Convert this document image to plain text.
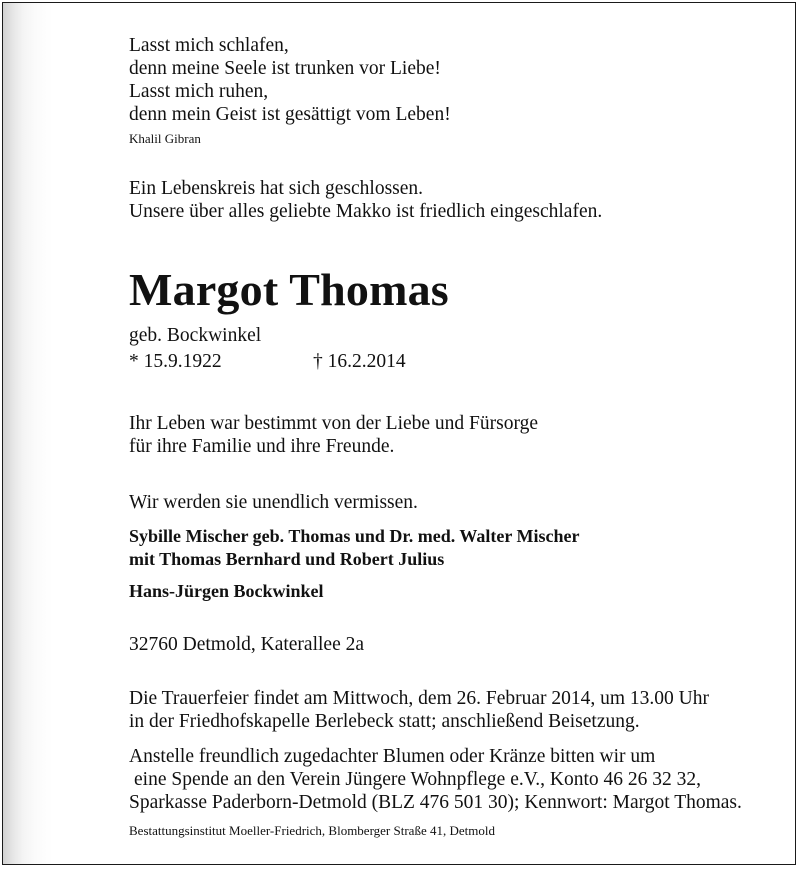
Lasst mich schlafen,

denn meine Seele ist trunken vor Liebe!

Lasst mich ruhen,

denn mein Geist ist gesättigt vom Leben!

Khalil Gibran

Ein Lebenskreis hat sich geschlossen.

Unsere über alles geliebte Makko ist friedlich eingeschlafen.

Margot Thomas

geb. Bockwinkel

* 15.9.1922	† 16.2.2014

Ihr Leben war bestimmt von der Liebe und Fürsorge

für ihre Familie und ihre Freunde.

Wir werden sie unendlich vermissen.

Sybille Mischer geb. Thomas und Dr. med. Walter Mischer

mit Thomas Bernhard und Robert Julius

Hans-Jürgen Bockwinkel

32760 Detmold, Katerallee 2a

Die Trauerfeier findet am Mittwoch, dem 26. Februar 2014, um 13.00 Uhr

in der Friedhofskapelle Berlebeck statt; anschließend Beisetzung.

Anstelle freundlich zugedachter Blumen oder Kränze bitten wir um

eine Spende an den Verein Jüngere Wohnpflege e.V., Konto 46 26 32 32,

Sparkasse Paderborn-Detmold (BLZ 476 501 30); Kennwort: Margot Thomas.

Bestattungsinstitut Moeller-Friedrich, Blomberger Straße 41, Detmold
